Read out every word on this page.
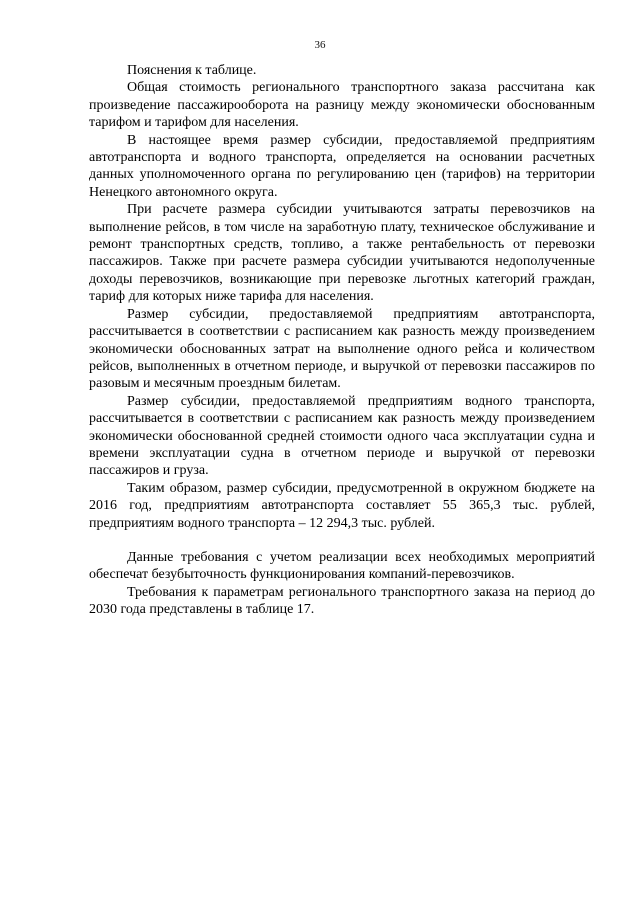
36

Пояснения к таблице.

Общая стоимость регионального транспортного заказа рассчитана как произведение пассажирооборота на разницу между экономически обоснованным тарифом и тарифом для населения.

В настоящее время размер субсидии, предоставляемой предприятиям автотранспорта и водного транспорта, определяется на основании расчетных данных уполномоченного органа по регулированию цен (тарифов) на территории Ненецкого автономного округа.

При расчете размера субсидии учитываются затраты перевозчиков на выполнение рейсов, в том числе на заработную плату, техническое обслуживание и ремонт транспортных средств, топливо, а также рентабельность от перевозки пассажиров. Также при расчете размера субсидии учитываются недополученные доходы перевозчиков, возникающие при перевозке льготных категорий граждан, тариф для которых ниже тарифа для населения.

Размер субсидии, предоставляемой предприятиям автотранспорта, рассчитывается в соответствии с расписанием как разность между произведением экономически обоснованных затрат на выполнение одного рейса и количеством рейсов, выполненных в отчетном периоде, и выручкой от перевозки пассажиров по разовым и месячным проездным билетам.

Размер субсидии, предоставляемой предприятиям водного транспорта, рассчитывается в соответствии с расписанием как разность между произведением экономически обоснованной средней стоимости одного часа эксплуатации судна и времени эксплуатации судна в отчетном периоде и выручкой от перевозки пассажиров и груза.

Таким образом, размер субсидии, предусмотренной в окружном бюджете на 2016 год, предприятиям автотранспорта составляет 55 365,3 тыс. рублей, предприятиям водного транспорта – 12 294,3 тыс. рублей.

Данные требования с учетом реализации всех необходимых мероприятий обеспечат безубыточность функционирования компаний-перевозчиков.

Требования к параметрам регионального транспортного заказа на период до 2030 года представлены в таблице 17.
